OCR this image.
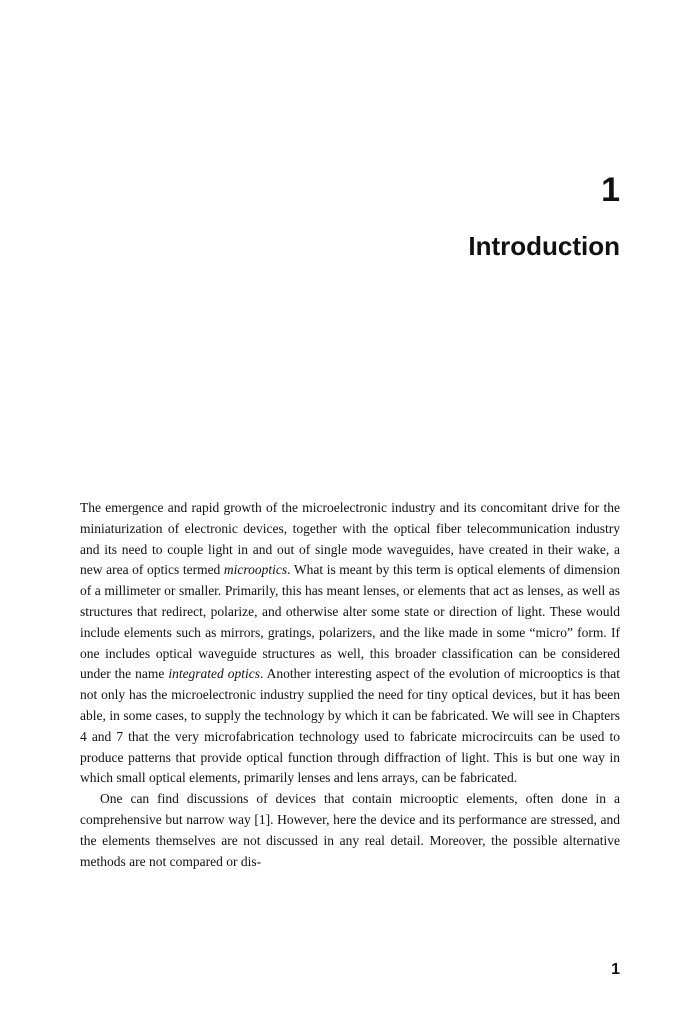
1
Introduction

The emergence and rapid growth of the microelectronic industry and its concomitant drive for the miniaturization of electronic devices, together with the optical fiber telecommunication industry and its need to couple light in and out of single mode waveguides, have created in their wake, a new area of optics termed microoptics. What is meant by this term is optical elements of dimension of a millimeter or smaller. Primarily, this has meant lenses, or elements that act as lenses, as well as structures that redirect, polarize, and otherwise alter some state or direction of light. These would include elements such as mirrors, gratings, polarizers, and the like made in some “micro” form. If one includes optical waveguide structures as well, this broader classification can be considered under the name integrated optics. Another interesting aspect of the evolution of microoptics is that not only has the microelectronic industry supplied the need for tiny optical devices, but it has been able, in some cases, to supply the technology by which it can be fabricated. We will see in Chapters 4 and 7 that the very microfabrication technology used to fabricate microcircuits can be used to produce patterns that provide optical function through diffraction of light. This is but one way in which small optical elements, primarily lenses and lens arrays, can be fabricated.

One can find discussions of devices that contain microoptic elements, often done in a comprehensive but narrow way [1]. However, here the device and its performance are stressed, and the elements themselves are not discussed in any real detail. Moreover, the possible alternative methods are not compared or dis-

1
